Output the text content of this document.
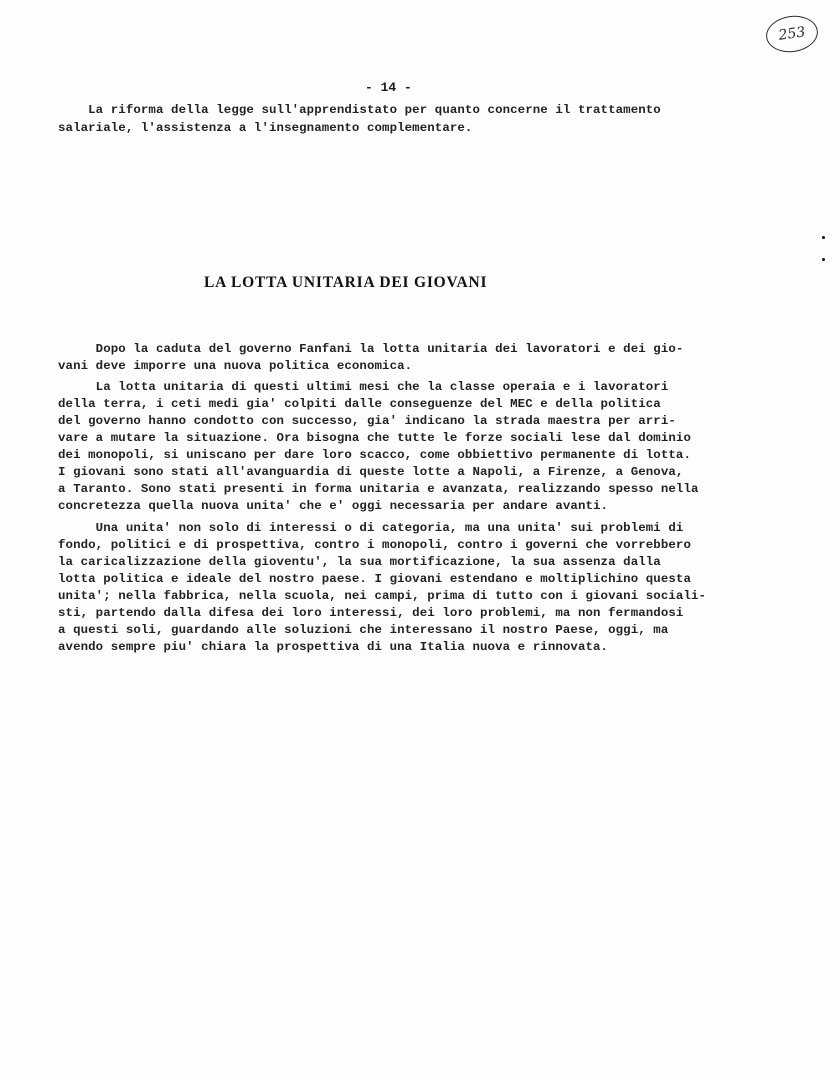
253
- 14 -
La riforma della legge sull'apprendistato per quanto concerne il trattamento
salariale, l'assistenza a l'insegnamento complementare.
LA LOTTA UNITARIA DEI GIOVANI
Dopo la caduta del governo Fanfani la lotta unitaria dei lavoratori e dei gio-
vani deve imporre una nuova politica economica.
La lotta unitaria di questi ultimi mesi che la classe operaia e i lavoratori
della terra, i ceti medi gia' colpiti dalle conseguenze del MEC e della politica
del governo hanno condotto con successo, gia' indicano la strada maestra per arri-
vare a mutare la situazione. Ora bisogna che tutte le forze sociali lese dal dominio
dei monopoli, si uniscano per dare loro scacco, come obbiettivo permanente di lotta.
I giovani sono stati all'avanguardia di queste lotte a Napoli, a Firenze, a Genova,
a Taranto. Sono stati presenti in forma unitaria e avanzata, realizzando spesso nella
concretezza quella nuova unita' che e' oggi necessaria per andare avanti.
Una unita' non solo di interessi o di categoria, ma una unita' sui problemi di
fondo, politici e di prospettiva, contro i monopoli, contro i governi che vorrebbero
la caricalizzazione della gioventu', la sua mortificazione, la sua assenza dalla
lotta politica e ideale del nostro paese. I giovani estendano e moltiplichino questa
unita'; nella fabbrica, nella scuola, nei campi, prima di tutto con i giovani sociali-
sti, partendo dalla difesa dei loro interessi, dei loro problemi, ma non fermandosi
a questi soli, guardando alle soluzioni che interessano il nostro Paese, oggi, ma
avendo sempre piu' chiara la prospettiva di una Italia nuova e rinnovata.
